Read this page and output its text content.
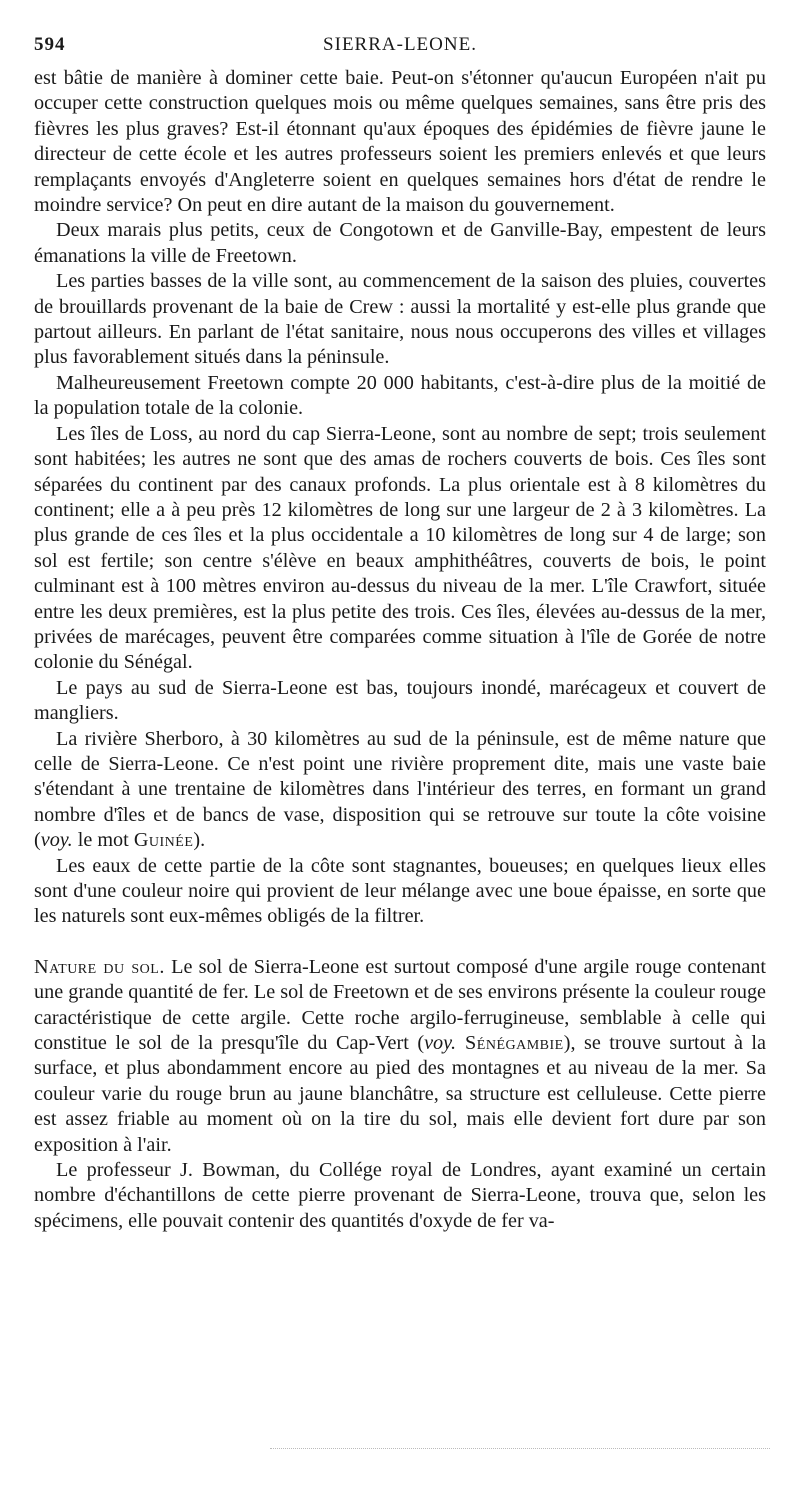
594	SIERRA-LEONE.

est bâtie de manière à dominer cette baie. Peut-on s'étonner qu'aucun Européen n'ait pu occuper cette construction quelques mois ou même quelques semaines, sans être pris des fièvres les plus graves? Est-il étonnant qu'aux époques des épidémies de fièvre jaune le directeur de cette école et les autres professeurs soient les premiers enlevés et que leurs remplaçants envoyés d'Angleterre soient en quelques semaines hors d'état de rendre le moindre service? On peut en dire autant de la maison du gouvernement.

Deux marais plus petits, ceux de Congotown et de Ganville-Bay, empestent de leurs émanations la ville de Freetown.

Les parties basses de la ville sont, au commencement de la saison des pluies, couvertes de brouillards provenant de la baie de Crew : aussi la mortalité y est-elle plus grande que partout ailleurs. En parlant de l'état sanitaire, nous nous occuperons des villes et villages plus favorablement situés dans la péninsule.

Malheureusement Freetown compte 20 000 habitants, c'est-à-dire plus de la moitié de la population totale de la colonie.

Les îles de Loss, au nord du cap Sierra-Leone, sont au nombre de sept; trois seulement sont habitées; les autres ne sont que des amas de rochers couverts de bois. Ces îles sont séparées du continent par des canaux profonds. La plus orientale est à 8 kilomètres du continent; elle a à peu près 12 kilomètres de long sur une largeur de 2 à 3 kilomètres. La plus grande de ces îles et la plus occidentale a 10 kilomètres de long sur 4 de large; son sol est fertile; son centre s'élève en beaux amphithéâtres, couverts de bois, le point culminant est à 100 mètres environ au-dessus du niveau de la mer. L'île Crawfort, située entre les deux premières, est la plus petite des trois. Ces îles, élevées au-dessus de la mer, privées de marécages, peuvent être comparées comme situation à l'île de Gorée de notre colonie du Sénégal.

Le pays au sud de Sierra-Leone est bas, toujours inondé, marécageux et couvert de mangliers.

La rivière Sherboro, à 30 kilomètres au sud de la péninsule, est de même nature que celle de Sierra-Leone. Ce n'est point une rivière proprement dite, mais une vaste baie s'étendant à une trentaine de kilomètres dans l'intérieur des terres, en formant un grand nombre d'îles et de bancs de vase, disposition qui se retrouve sur toute la côte voisine (voy. le mot Guinée).

Les eaux de cette partie de la côte sont stagnantes, boueuses; en quelques lieux elles sont d'une couleur noire qui provient de leur mélange avec une boue épaisse, en sorte que les naturels sont eux-mêmes obligés de la filtrer.

Nature du sol. Le sol de Sierra-Leone est surtout composé d'une argile rouge contenant une grande quantité de fer. Le sol de Freetown et de ses environs présente la couleur rouge caractéristique de cette argile. Cette roche argilo-ferrugineuse, semblable à celle qui constitue le sol de la presqu'île du Cap-Vert (voy. Sénégambie), se trouve surtout à la surface, et plus abondamment encore au pied des montagnes et au niveau de la mer. Sa couleur varie du rouge brun au jaune blanchâtre, sa structure est celluleuse. Cette pierre est assez friable au moment où on la tire du sol, mais elle devient fort dure par son exposition à l'air.

Le professeur J. Bowman, du Collége royal de Londres, ayant examiné un certain nombre d'échantillons de cette pierre provenant de Sierra-Leone, trouva que, selon les spécimens, elle pouvait contenir des quantités d'oxyde de fer va-
